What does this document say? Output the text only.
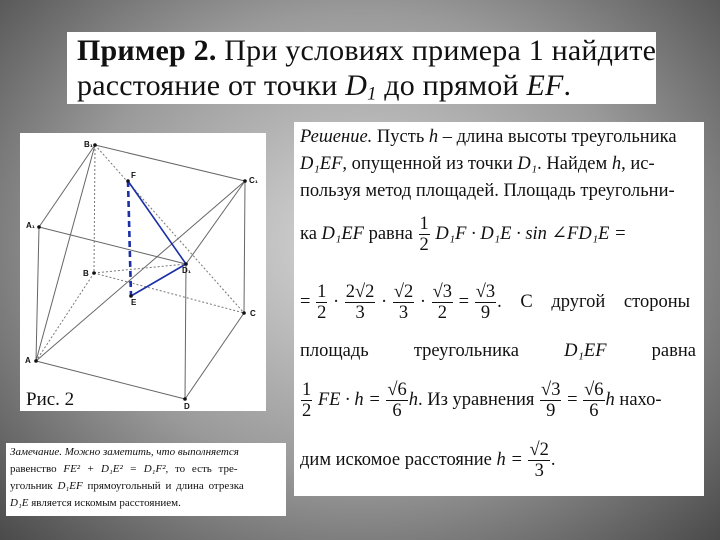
Пример 2. При условиях примера 1 найдите
расстояние от точки $D_1$ до прямой EF.
B₁
C₁
A₁
F
B	D₁
E
C
A
D
Рис. 2
Замечание. Можно заметить, что выполняется
равенство FE² + D₁E² = D₁F², то есть тре-
угольник D₁EF прямоугольный и длина отрезка
D₁E является искомым расстоянием.
Решение. Пусть h – длина высоты треугольника
D₁EF, опущенной из точки D₁. Найдем h, ис-
пользуя метод площадей. Площадь треугольни-
ка D₁EF равна $\frac{1}{2} D_1F \cdot D_1E \cdot \sin$ ∠FD₁E =
= $\frac{1}{2} \cdot \frac{2√2}{3} \cdot \frac{√2}{3} \cdot \frac{√3}{2} = \frac{√3}{9}$ . С другой стороны
площадь треугольника D₁EF равна
$\frac{1}{2}$ FE · $h = \frac{√6}{6} h$. Из уравнения $\frac{√3}{9} = \frac{√6}{6}$ h нахо-
дим искомое расстояние $h = \frac{√2}{3}$ .
